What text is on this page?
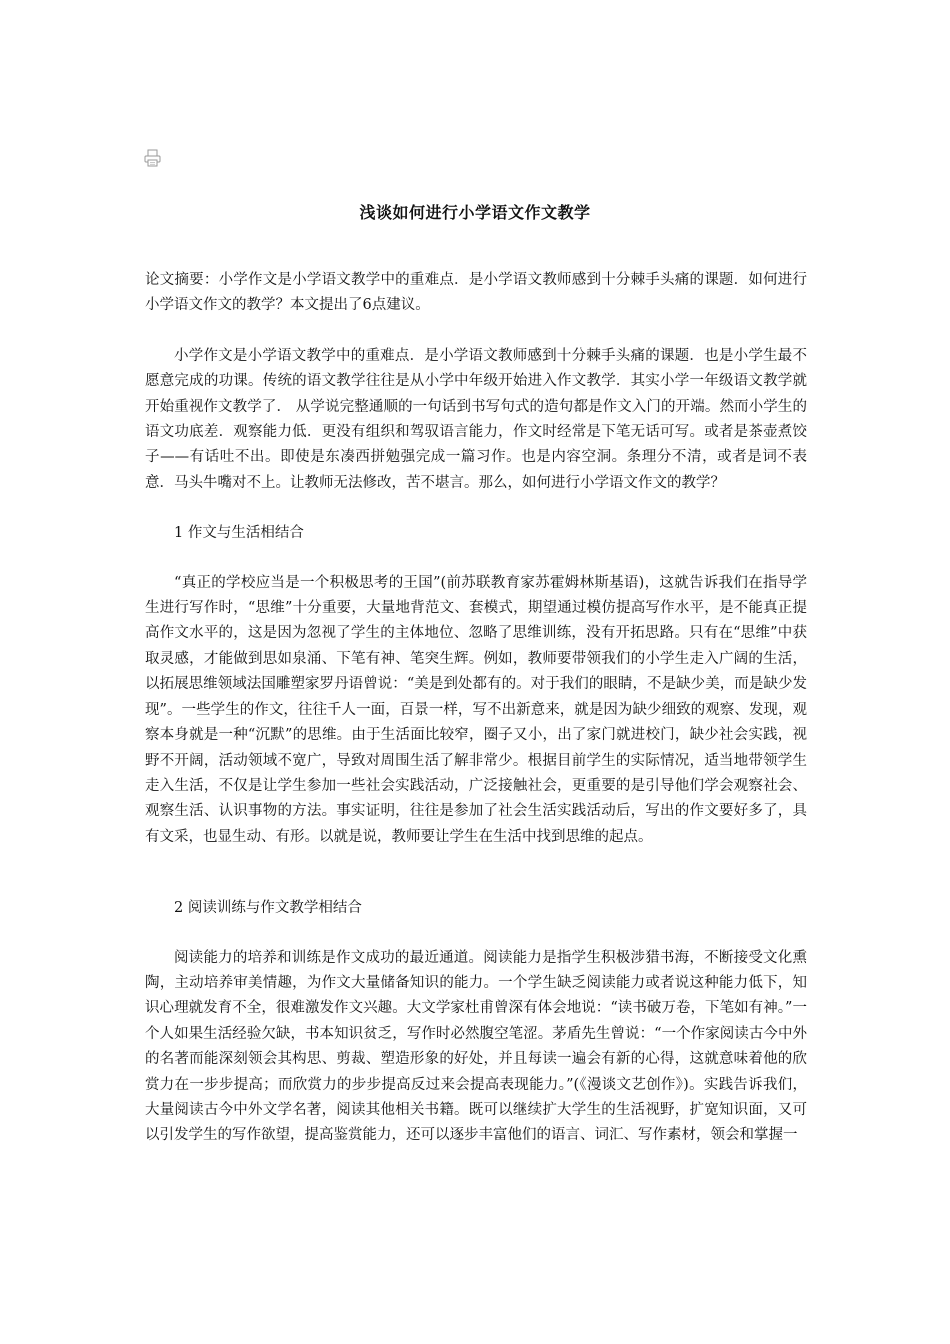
浅谈如何进行小学语文作文教学

论文摘要：小学作文是小学语文教学中的重难点．是小学语文教师感到十分棘手头痛的课题．如何进行小学语文作文的教学？本文提出了6点建议。

小学作文是小学语文教学中的重难点．是小学语文教师感到十分棘手头痛的课题．也是小学生最不愿意完成的功课。传统的语文教学往往是从小学中年级开始进入作文教学．其实小学一年级语文教学就开始重视作文教学了． 从学说完整通顺的一句话到书写句式的造句都是作文入门的开端。然而小学生的语文功底差．观察能力低．更没有组织和驾驭语言能力，作文时经常是下笔无话可写。或者是茶壶煮饺子——有话吐不出。即使是东凑西拼勉强完成一篇习作。也是内容空洞。条理分不清，或者是词不表意．马头牛嘴对不上。让教师无法修改，苦不堪言。那么，如何进行小学语文作文的教学？

1 作文与生活相结合

“真正的学校应当是一个积极思考的王国”(前苏联教育家苏霍姆林斯基语)，这就告诉我们在指导学生进行写作时，“思维”十分重要，大量地背范文、套模式，期望通过模仿提高写作水平，是不能真正提高作文水平的，这是因为忽视了学生的主体地位、忽略了思维训练，没有开拓思路。只有在“思维”中获取灵感，才能做到思如泉涌、下笔有神、笔突生辉。例如，教师要带领我们的小学生走入广阔的生活，以拓展思维领域法国雕塑家罗丹语曾说：“美是到处都有的。对于我们的眼睛，不是缺少美，而是缺少发现”。一些学生的作文，往往千人一面，百景一样，写不出新意来，就是因为缺少细致的观察、发现，观察本身就是一种“沉默”的思维。由于生活面比较窄，圈子又小，出了家门就进校门，缺少社会实践，视野不开阔，活动领域不宽广，导致对周围生活了解非常少。根据目前学生的实际情况，适当地带领学生走入生活，不仅是让学生参加一些社会实践活动，广泛接触社会，更重要的是引导他们学会观察社会、观察生活、认识事物的方法。事实证明，往往是参加了社会生活实践活动后，写出的作文要好多了，具有文采，也显生动、有形。以就是说，教师要让学生在生活中找到思维的起点。

2 阅读训练与作文教学相结合

阅读能力的培养和训练是作文成功的最近通道。阅读能力是指学生积极涉猎书海，不断接受文化熏陶，主动培养审美情趣，为作文大量储备知识的能力。一个学生缺乏阅读能力或者说这种能力低下，知识心理就发育不全，很难激发作文兴趣。大文学家杜甫曾深有体会地说：“读书破万卷，下笔如有神。”一个人如果生活经验欠缺，书本知识贫乏，写作时必然腹空笔涩。茅盾先生曾说：“一个作家阅读古今中外的名著而能深刻领会其构思、剪裁、塑造形象的好处，并且每读一遍会有新的心得，这就意味着他的欣赏力在一步步提高；而欣赏力的步步提高反过来会提高表现能力。”(《漫谈文艺创作》)。实践告诉我们，大量阅读古今中外文学名著，阅读其他相关书籍。既可以继续扩大学生的生活视野，扩宽知识面，又可以引发学生的写作欲望，提高鉴赏能力，还可以逐步丰富他们的语言、词汇、写作素材，领会和掌握一
